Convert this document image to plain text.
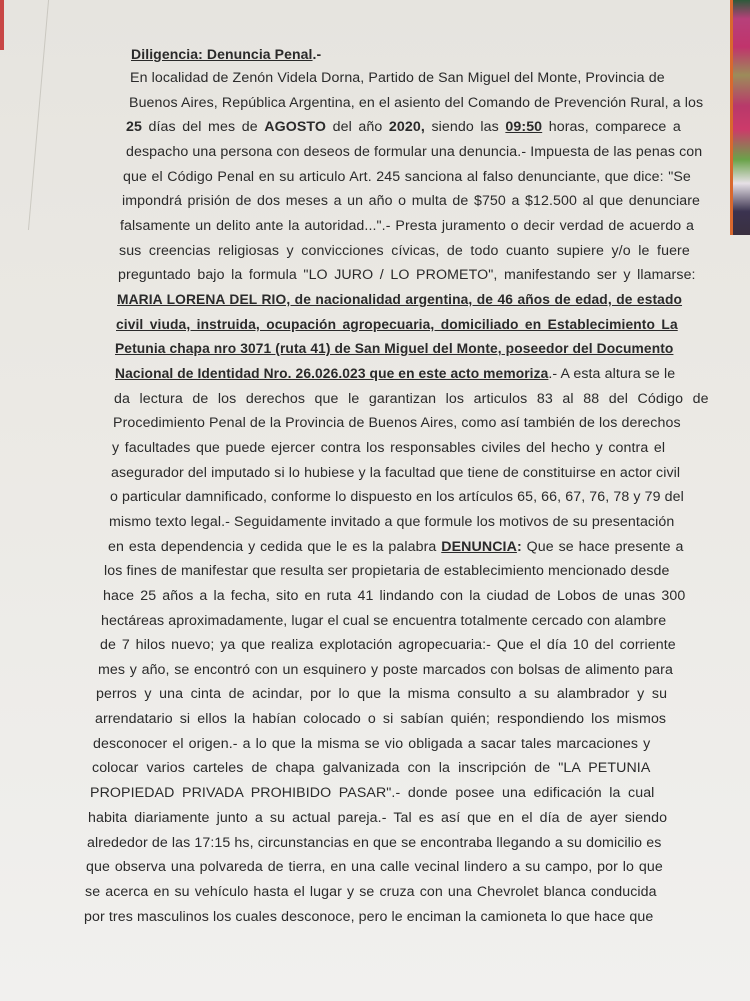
Diligencia: Denuncia Penal.-
En localidad de Zenón Videla Dorna, Partido de San Miguel del Monte, Provincia de
Buenos Aires, República Argentina, en el asiento del Comando de Prevención Rural, a los
25 días del mes de AGOSTO del año 2020, siendo las 09:50 horas, comparece a
despacho una persona con deseos de formular una denuncia.- Impuesta de las penas con
que el Código Penal en su articulo Art. 245 sanciona al falso denunciante, que dice: "Se
impondrá prisión de dos meses a un año o multa de $750 a $12.500 al que denunciare
falsamente un delito ante la autoridad...".- Presta juramento o decir verdad de acuerdo a
sus creencias religiosas y convicciones cívicas, de todo cuanto supiere y/o le fuere
preguntado bajo la formula "LO JURO / LO PROMETO", manifestando ser y llamarse:
MARIA LORENA DEL RIO, de nacionalidad argentina, de 46 años de edad, de estado
civil viuda, instruida, ocupación agropecuaria, domiciliado en Establecimiento La
Petunia chapa nro 3071 (ruta 41) de San Miguel del Monte, poseedor del Documento
Nacional de Identidad Nro. 26.026.023 que en este acto memoriza.- A esta altura se le
da lectura de los derechos que le garantizan los articulos 83 al 88 del Código de
Procedimiento Penal de la Provincia de Buenos Aires, como así también de los derechos
y facultades que puede ejercer contra los responsables civiles del hecho y contra el
asegurador del imputado si lo hubiese y la facultad que tiene de constituirse en actor civil
o particular damnificado, conforme lo dispuesto en los artículos 65, 66, 67, 76, 78 y 79 del
mismo texto legal.- Seguidamente invitado a que formule los motivos de su presentación
en esta dependencia y cedida que le es la palabra DENUNCIA: Que se hace presente a
los fines de manifestar que resulta ser propietaria de establecimiento mencionado desde
hace 25 años a la fecha, sito en ruta 41 lindando con la ciudad de Lobos de unas 300
hectáreas aproximadamente, lugar el cual se encuentra totalmente cercado con alambre
de 7 hilos nuevo; ya que realiza explotación agropecuaria:- Que el día 10 del corriente
mes y año, se encontró con un esquinero y poste marcados con bolsas de alimento para
perros y una cinta de acindar, por lo que la misma consulto a su alambrador y su
arrendatario si ellos la habían colocado o si sabían quién; respondiendo los mismos
desconocer el origen.- a lo que la misma se vio obligada a sacar tales marcaciones y
colocar varios carteles de chapa galvanizada con la inscripción de "LA PETUNIA
PROPIEDAD PRIVADA PROHIBIDO PASAR".- donde posee una edificación la cual
habita diariamente junto a su actual pareja.- Tal es así que en el día de ayer siendo
alrededor de las 17:15 hs, circunstancias en que se encontraba llegando a su domicilio es
que observa una polvareda de tierra, en una calle vecinal lindero a su campo, por lo que
se acerca en su vehículo hasta el lugar y se cruza con una Chevrolet blanca conducida
por tres masculinos los cuales desconoce, pero le enciman la camioneta lo que hace que
